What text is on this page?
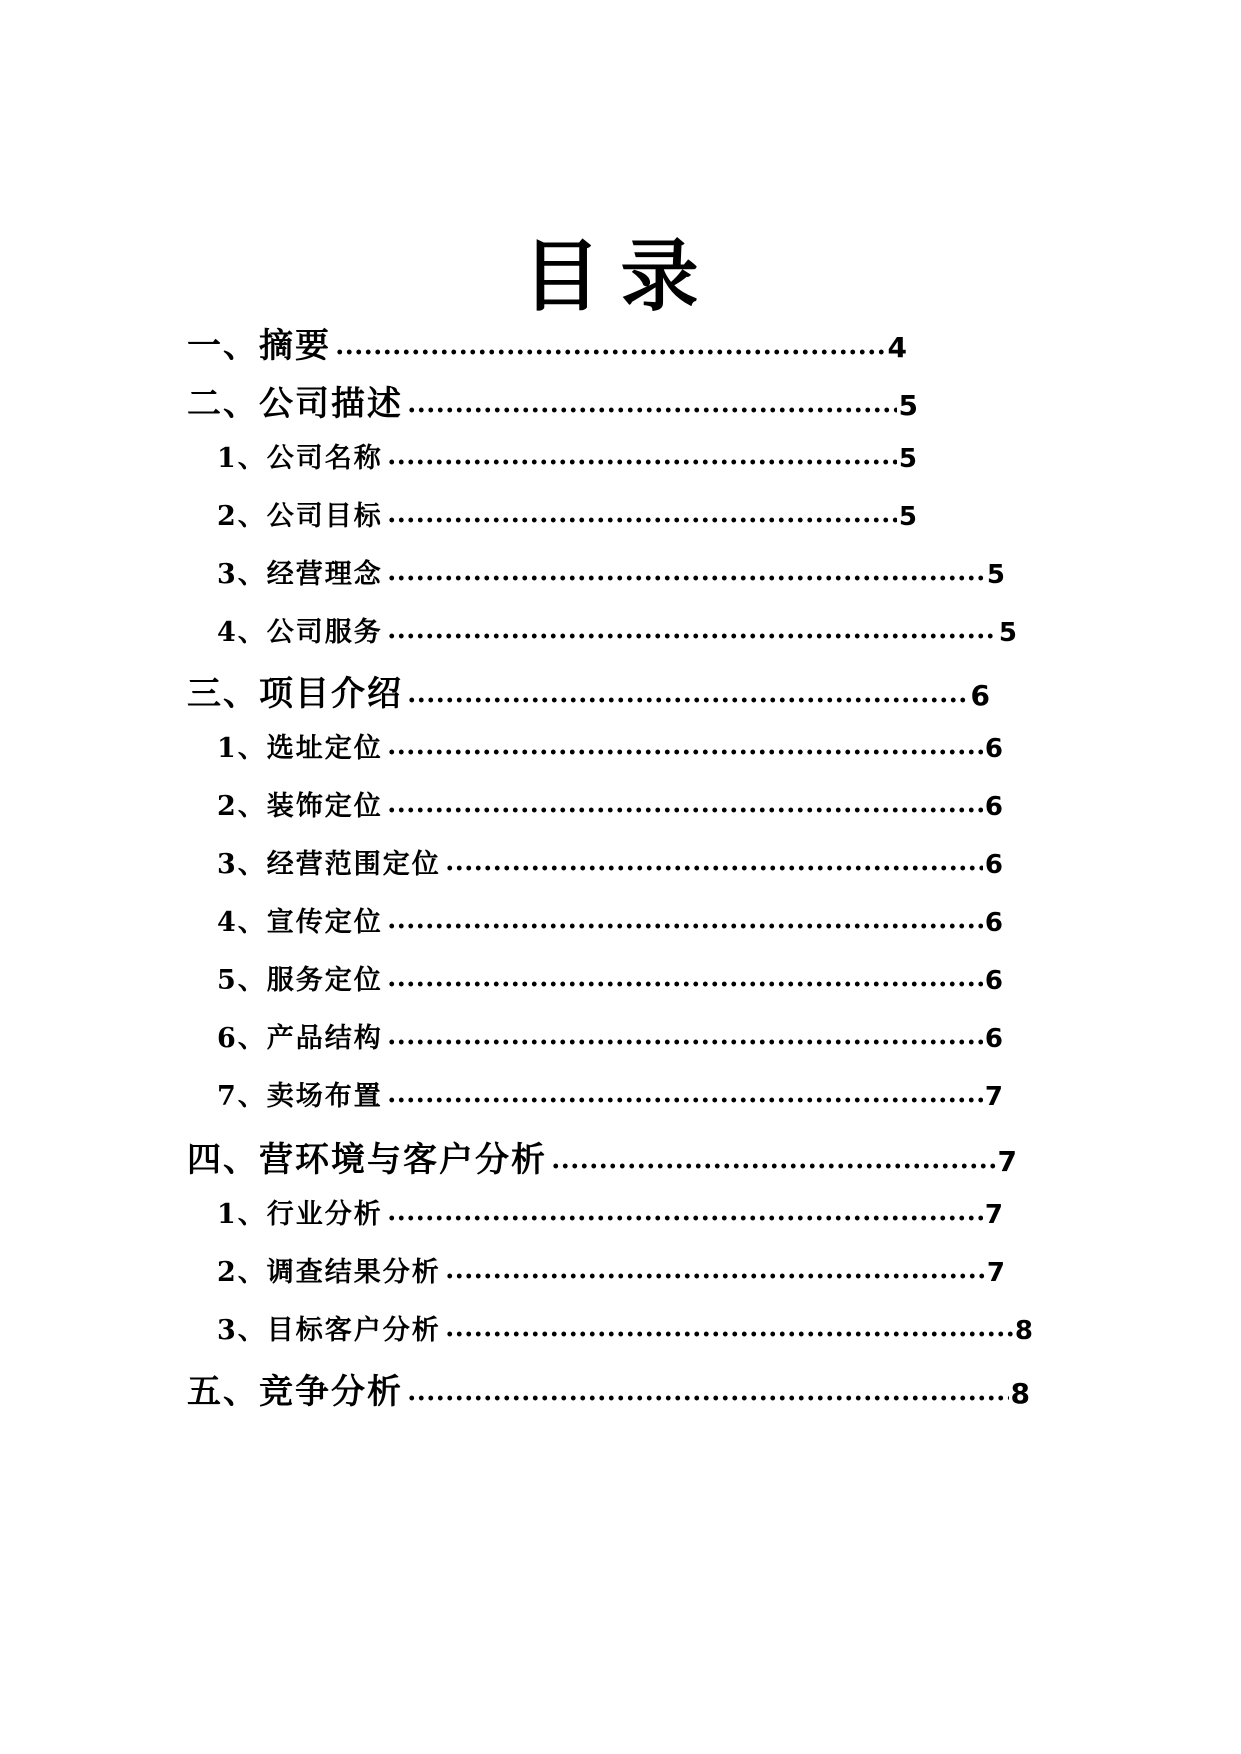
目录
一、摘要	4
二、公司描述	5
1、公司名称	5
2、公司目标	5
3、经营理念	5
4、公司服务	5
三、项目介绍	6
1、选址定位	6
2、装饰定位	6
3、经营范围定位	6
4、宣传定位	6
5、服务定位	6
6、产品结构	6
7、卖场布置	7
四、营环境与客户分析	7
1、行业分析	7
2、调查结果分析	7
3、目标客户分析	8
五、竞争分析	8
